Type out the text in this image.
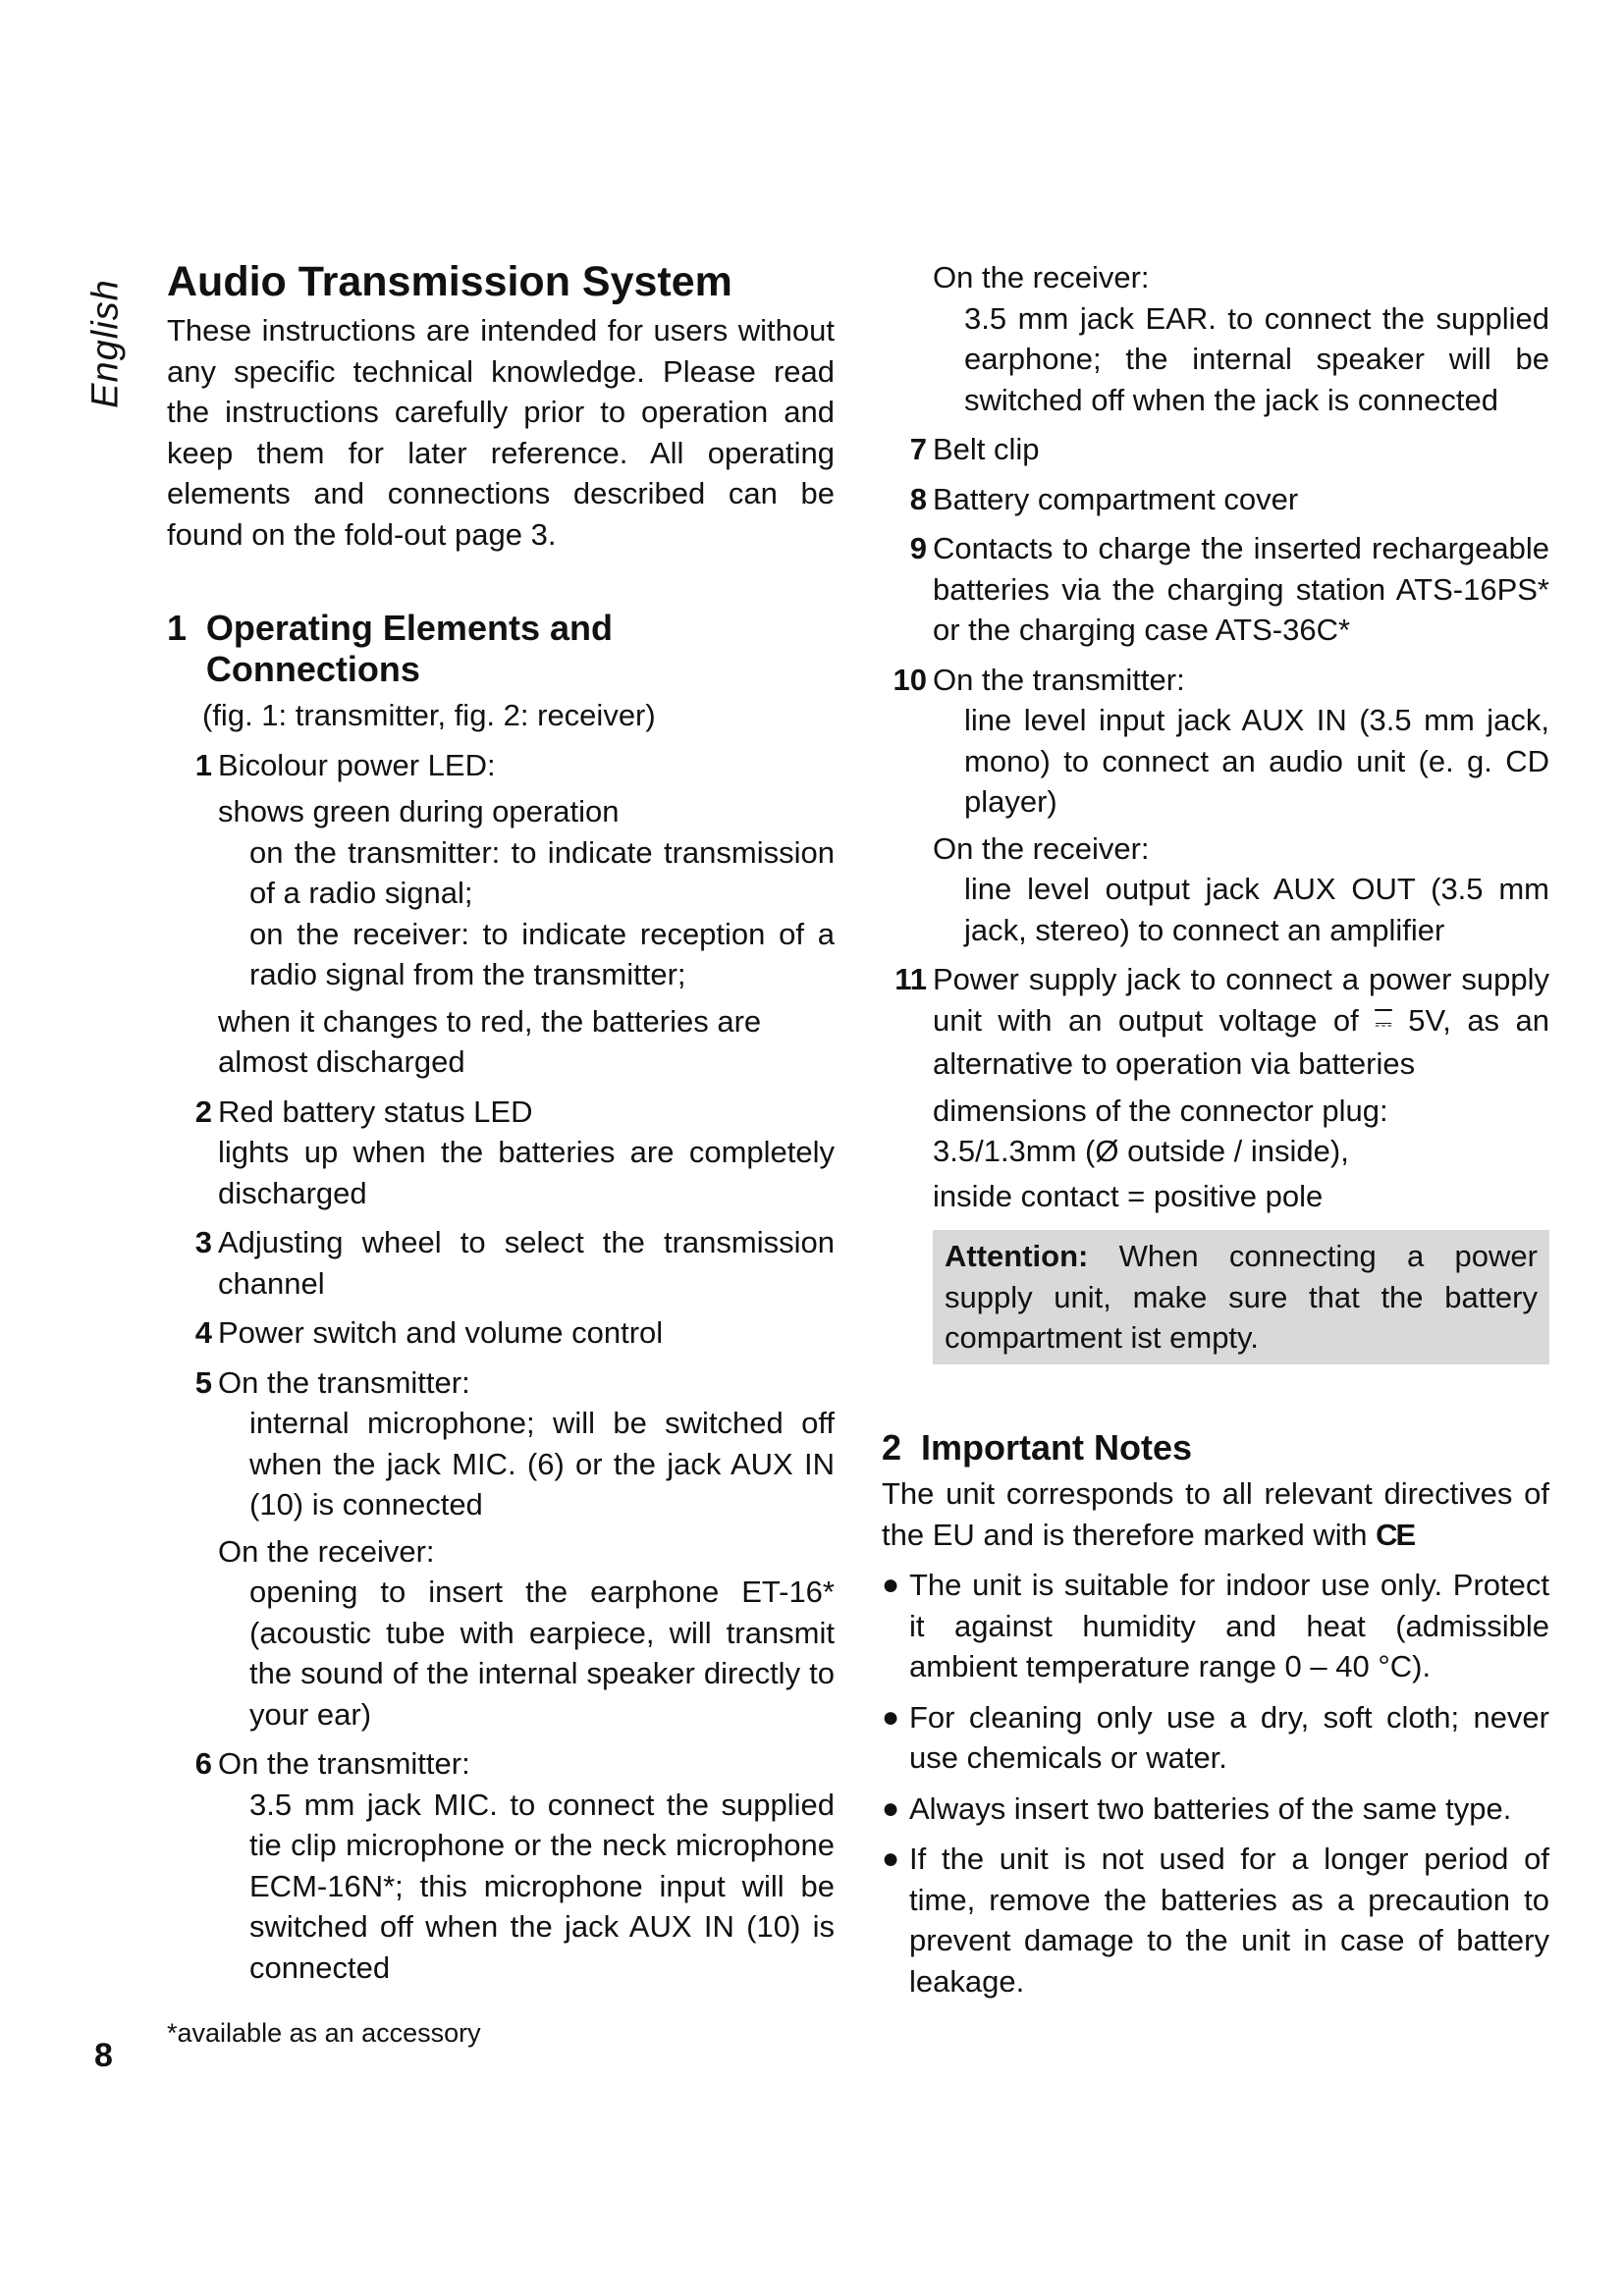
English
8
Audio Transmission System

These instructions are intended for users without any specific technical knowledge. Please read the instructions carefully prior to operation and keep them for later reference. All operating elements and connections described can be found on the fold-out page 3.

1 Operating Elements and Connections
(fig. 1: transmitter, fig. 2: receiver)
1 Bicolour power LED:

shows green during operation

on the transmitter: to indicate transmission of a radio signal;

on the receiver: to indicate reception of a radio signal from the transmitter;

when it changes to red, the batteries are almost discharged

2 Red battery status LED

lights up when the batteries are completely discharged

3 Adjusting wheel to select the transmission channel
4 Power switch and volume control
5 On the transmitter:

internal microphone; will be switched off when the jack MIC. (6) or the jack AUX IN (10) is connected

On the receiver:

opening to insert the earphone ET-16* (acoustic tube with earpiece, will transmit the sound of the internal speaker directly to your ear)

6 On the transmitter:

3.5 mm jack MIC. to connect the supplied tie clip microphone or the neck microphone ECM-16N*; this microphone input will be switched off when the jack AUX IN (10) is connected

*available as an accessory
On the receiver:

3.5 mm jack EAR. to connect the supplied earphone; the internal speaker will be switched off when the jack is connected

7 Belt clip
8 Battery compartment cover
9 Contacts to charge the inserted rechargeable batteries via the charging station ATS-16PS* or the charging case ATS-36C*
10 On the transmitter:

line level input jack AUX IN (3.5 mm jack, mono) to connect an audio unit (e. g. CD player)

On the receiver:

line level output jack AUX OUT (3.5 mm jack, stereo) to connect an amplifier

11 Power supply jack to connect a power supply unit with an output voltage of ⎓ 5V, as an alternative to operation via batteries

dimensions of the connector plug:

3.5/1.3mm (Ø outside / inside),

inside contact = positive pole

Attention: When connecting a power supply unit, make sure that the battery compartment ist empty.
2 Important Notes

The unit corresponds to all relevant directives of the EU and is therefore marked with CE

● The unit is suitable for indoor use only. Protect it against humidity and heat (admissible ambient temperature range 0 – 40 °C).
● For cleaning only use a dry, soft cloth; never use chemicals or water.
● Always insert two batteries of the same type.
● If the unit is not used for a longer period of time, remove the batteries as a precaution to prevent damage to the unit in case of battery leakage.
